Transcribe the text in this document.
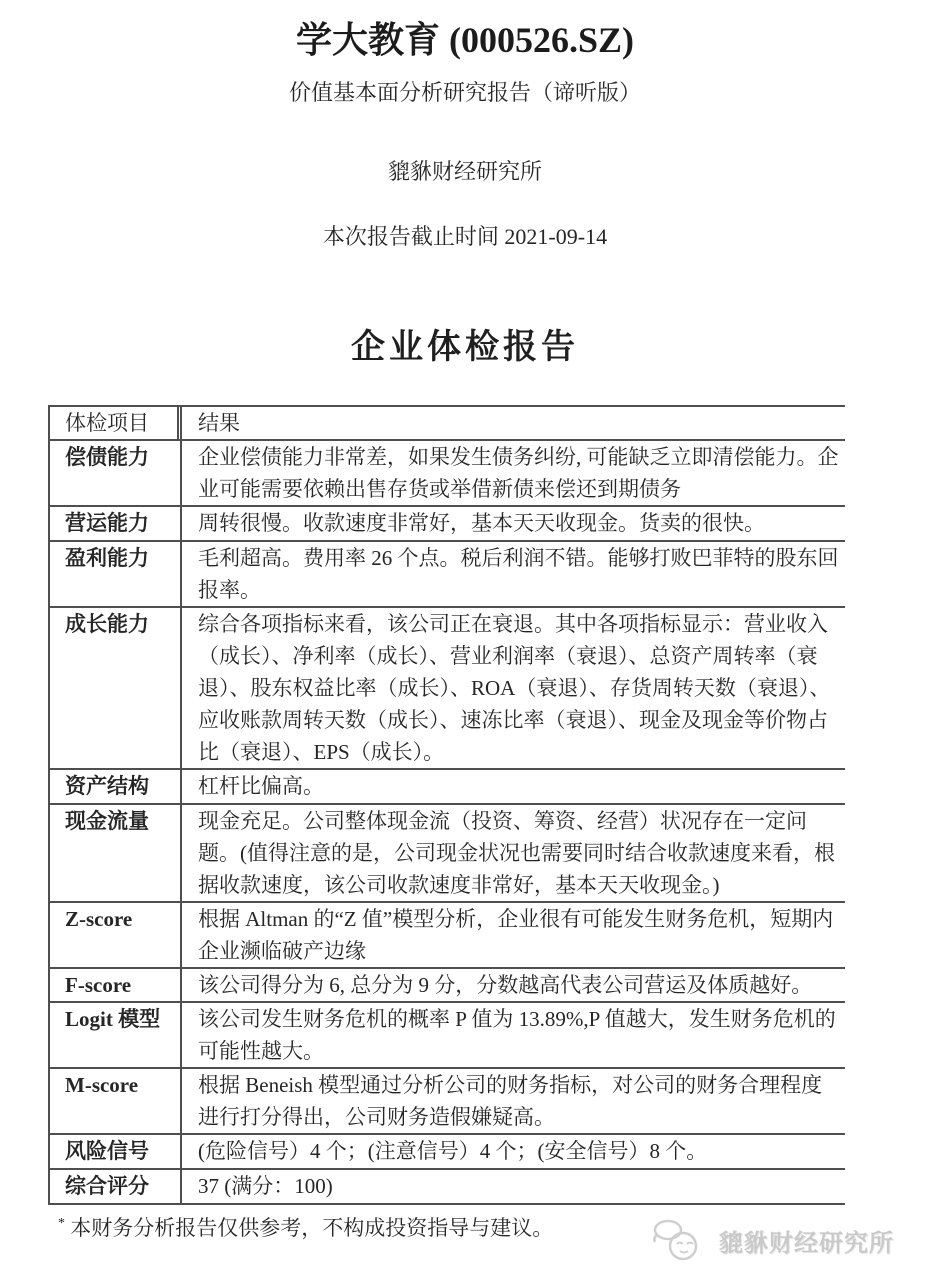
学大教育 (000526.SZ)
价值基本面分析研究报告（谛听版）
貔貅财经研究所
本次报告截止时间 2021-09-14
企业体检报告
体检项目	结果
偿债能力	企业偿债能力非常差，如果发生债务纠纷, 可能缺乏立即清偿能力。企业可能需要依赖出售存货或举借新债来偿还到期债务
营运能力	周转很慢。收款速度非常好，基本天天收现金。货卖的很快。
盈利能力	毛利超高。费用率 26 个点。税后利润不错。能够打败巴菲特的股东回报率。
成长能力	综合各项指标来看，该公司正在衰退。其中各项指标显示：营业收入（成长）、净利率（成长）、营业利润率（衰退）、总资产周转率（衰退）、股东权益比率（成长）、ROA（衰退）、存货周转天数（衰退）、应收账款周转天数（成长）、速冻比率（衰退）、现金及现金等价物占比（衰退）、EPS（成长）。
资产结构	杠杆比偏高。
现金流量	现金充足。公司整体现金流（投资、筹资、经营）状况存在一定问题。(值得注意的是，公司现金状况也需要同时结合收款速度来看，根据收款速度，该公司收款速度非常好，基本天天收现金。)
Z-score	根据 Altman 的“Z 值”模型分析，企业很有可能发生财务危机，短期内企业濒临破产边缘
F-score	该公司得分为 6, 总分为 9 分，分数越高代表公司营运及体质越好。
Logit 模型	该公司发生财务危机的概率 P 值为 13.89%,P 值越大，发生财务危机的可能性越大。
M-score	根据 Beneish 模型通过分析公司的财务指标，对公司的财务合理程度进行打分得出，公司财务造假嫌疑高。
风险信号	(危险信号）4 个；(注意信号）4 个；(安全信号）8 个。
综合评分	37 (满分：100)
* 本财务分析报告仅供参考，不构成投资指导与建议。
貔貅财经研究所
